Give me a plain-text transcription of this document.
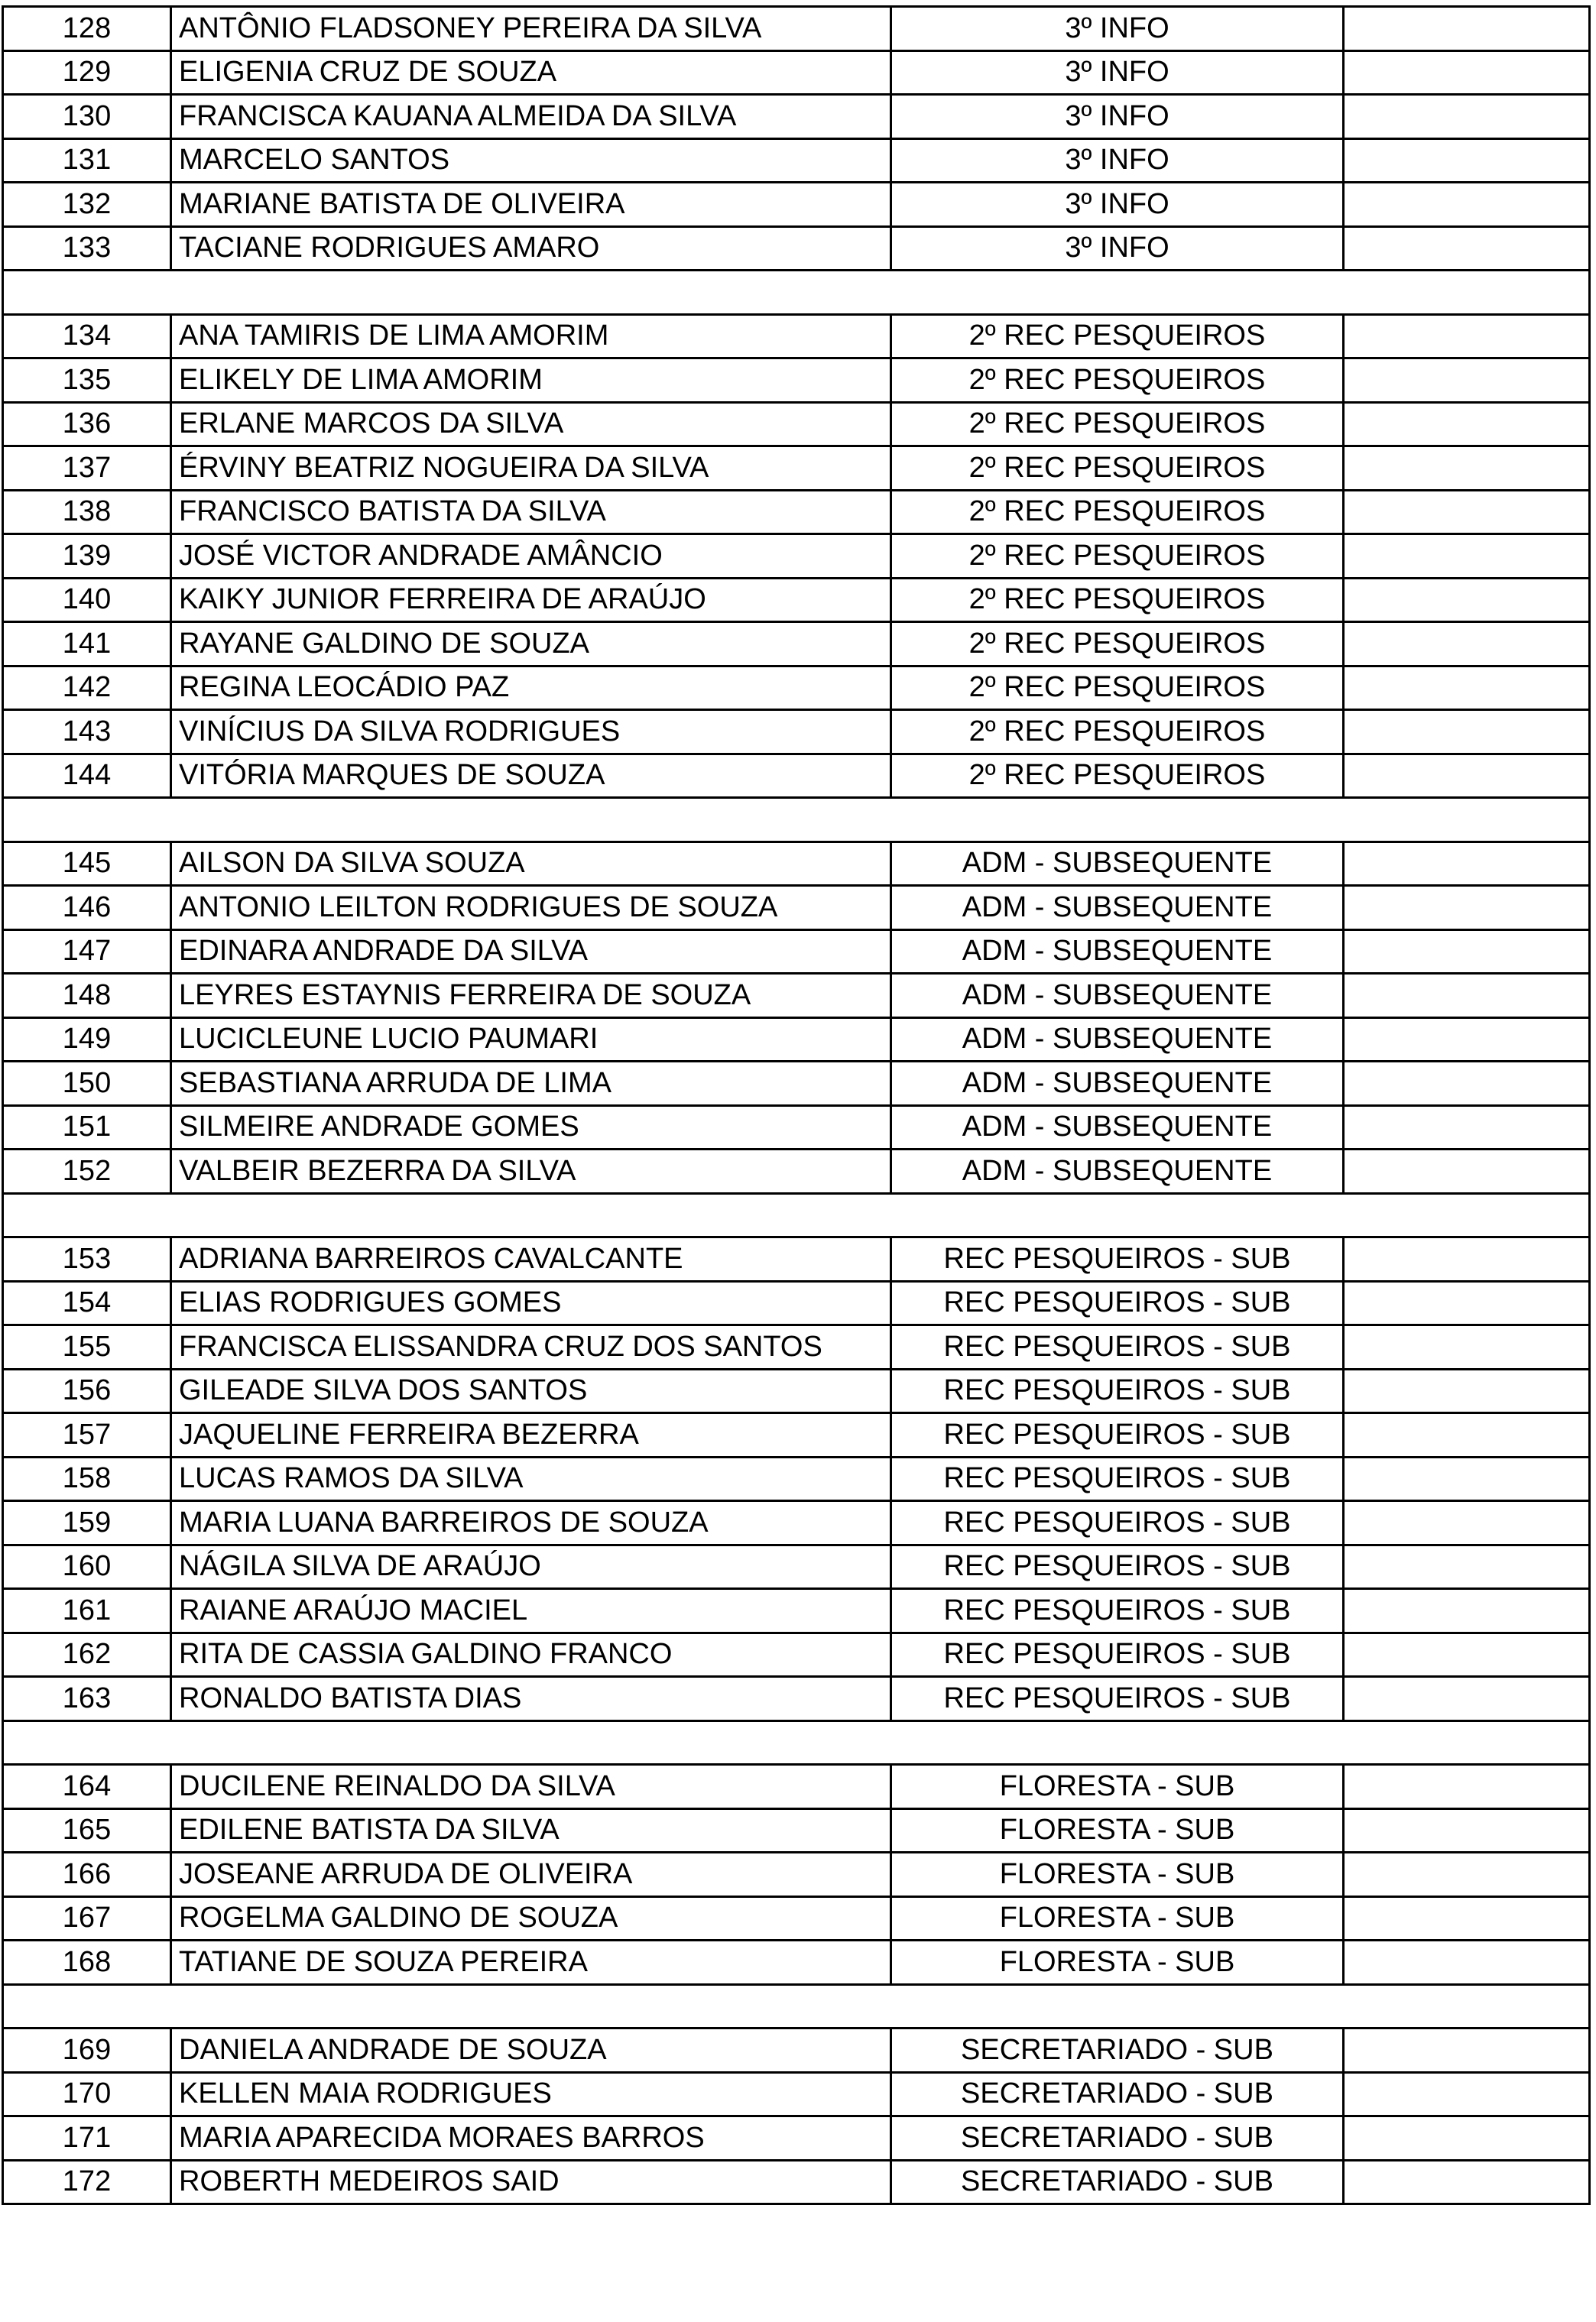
128	ANTÔNIO FLADSONEY PEREIRA DA SILVA	3º INFO	
129	ELIGENIA CRUZ DE SOUZA	3º INFO	
130	FRANCISCA KAUANA ALMEIDA DA SILVA	3º INFO	
131	MARCELO SANTOS	3º INFO	
132	MARIANE BATISTA DE OLIVEIRA	3º INFO	
133	TACIANE RODRIGUES AMARO	3º INFO	

134	ANA TAMIRIS DE LIMA AMORIM	2º REC PESQUEIROS	
135	ELIKELY DE LIMA AMORIM	2º REC PESQUEIROS	
136	ERLANE MARCOS DA SILVA	2º REC PESQUEIROS	
137	ÉRVINY BEATRIZ NOGUEIRA DA SILVA	2º REC PESQUEIROS	
138	FRANCISCO BATISTA DA SILVA	2º REC PESQUEIROS	
139	JOSÉ VICTOR ANDRADE AMÂNCIO	2º REC PESQUEIROS	
140	KAIKY JUNIOR FERREIRA DE ARAÚJO	2º REC PESQUEIROS	
141	RAYANE GALDINO DE SOUZA	2º REC PESQUEIROS	
142	REGINA LEOCÁDIO PAZ	2º REC PESQUEIROS	
143	VINÍCIUS DA SILVA RODRIGUES	2º REC PESQUEIROS	
144	VITÓRIA MARQUES DE SOUZA	2º REC PESQUEIROS	

145	AILSON DA SILVA SOUZA	ADM - SUBSEQUENTE	
146	ANTONIO LEILTON RODRIGUES DE SOUZA	ADM - SUBSEQUENTE	
147	EDINARA ANDRADE DA SILVA	ADM - SUBSEQUENTE	
148	LEYRES ESTAYNIS FERREIRA DE SOUZA	ADM - SUBSEQUENTE	
149	LUCICLEUNE LUCIO PAUMARI	ADM - SUBSEQUENTE	
150	SEBASTIANA ARRUDA DE LIMA	ADM - SUBSEQUENTE	
151	SILMEIRE ANDRADE GOMES	ADM - SUBSEQUENTE	
152	VALBEIR BEZERRA DA SILVA	ADM - SUBSEQUENTE	

153	ADRIANA BARREIROS CAVALCANTE	REC PESQUEIROS - SUB	
154	ELIAS RODRIGUES GOMES	REC PESQUEIROS - SUB	
155	FRANCISCA ELISSANDRA CRUZ DOS SANTOS	REC PESQUEIROS - SUB	
156	GILEADE SILVA DOS SANTOS	REC PESQUEIROS - SUB	
157	JAQUELINE FERREIRA BEZERRA	REC PESQUEIROS - SUB	
158	LUCAS RAMOS DA SILVA	REC PESQUEIROS - SUB	
159	MARIA LUANA BARREIROS DE SOUZA	REC PESQUEIROS - SUB	
160	NÁGILA SILVA DE ARAÚJO	REC PESQUEIROS - SUB	
161	RAIANE ARAÚJO MACIEL	REC PESQUEIROS - SUB	
162	RITA DE CASSIA GALDINO FRANCO	REC PESQUEIROS - SUB	
163	RONALDO BATISTA DIAS	REC PESQUEIROS - SUB	

164	DUCILENE REINALDO DA SILVA	FLORESTA - SUB	
165	EDILENE BATISTA DA SILVA	FLORESTA - SUB	
166	JOSEANE ARRUDA DE OLIVEIRA	FLORESTA - SUB	
167	ROGELMA GALDINO DE SOUZA	FLORESTA - SUB	
168	TATIANE DE SOUZA PEREIRA	FLORESTA - SUB	

169	DANIELA ANDRADE DE SOUZA	SECRETARIADO - SUB	
170	KELLEN MAIA RODRIGUES	SECRETARIADO - SUB	
171	MARIA APARECIDA MORAES BARROS	SECRETARIADO - SUB	
172	ROBERTH MEDEIROS SAID	SECRETARIADO - SUB	
